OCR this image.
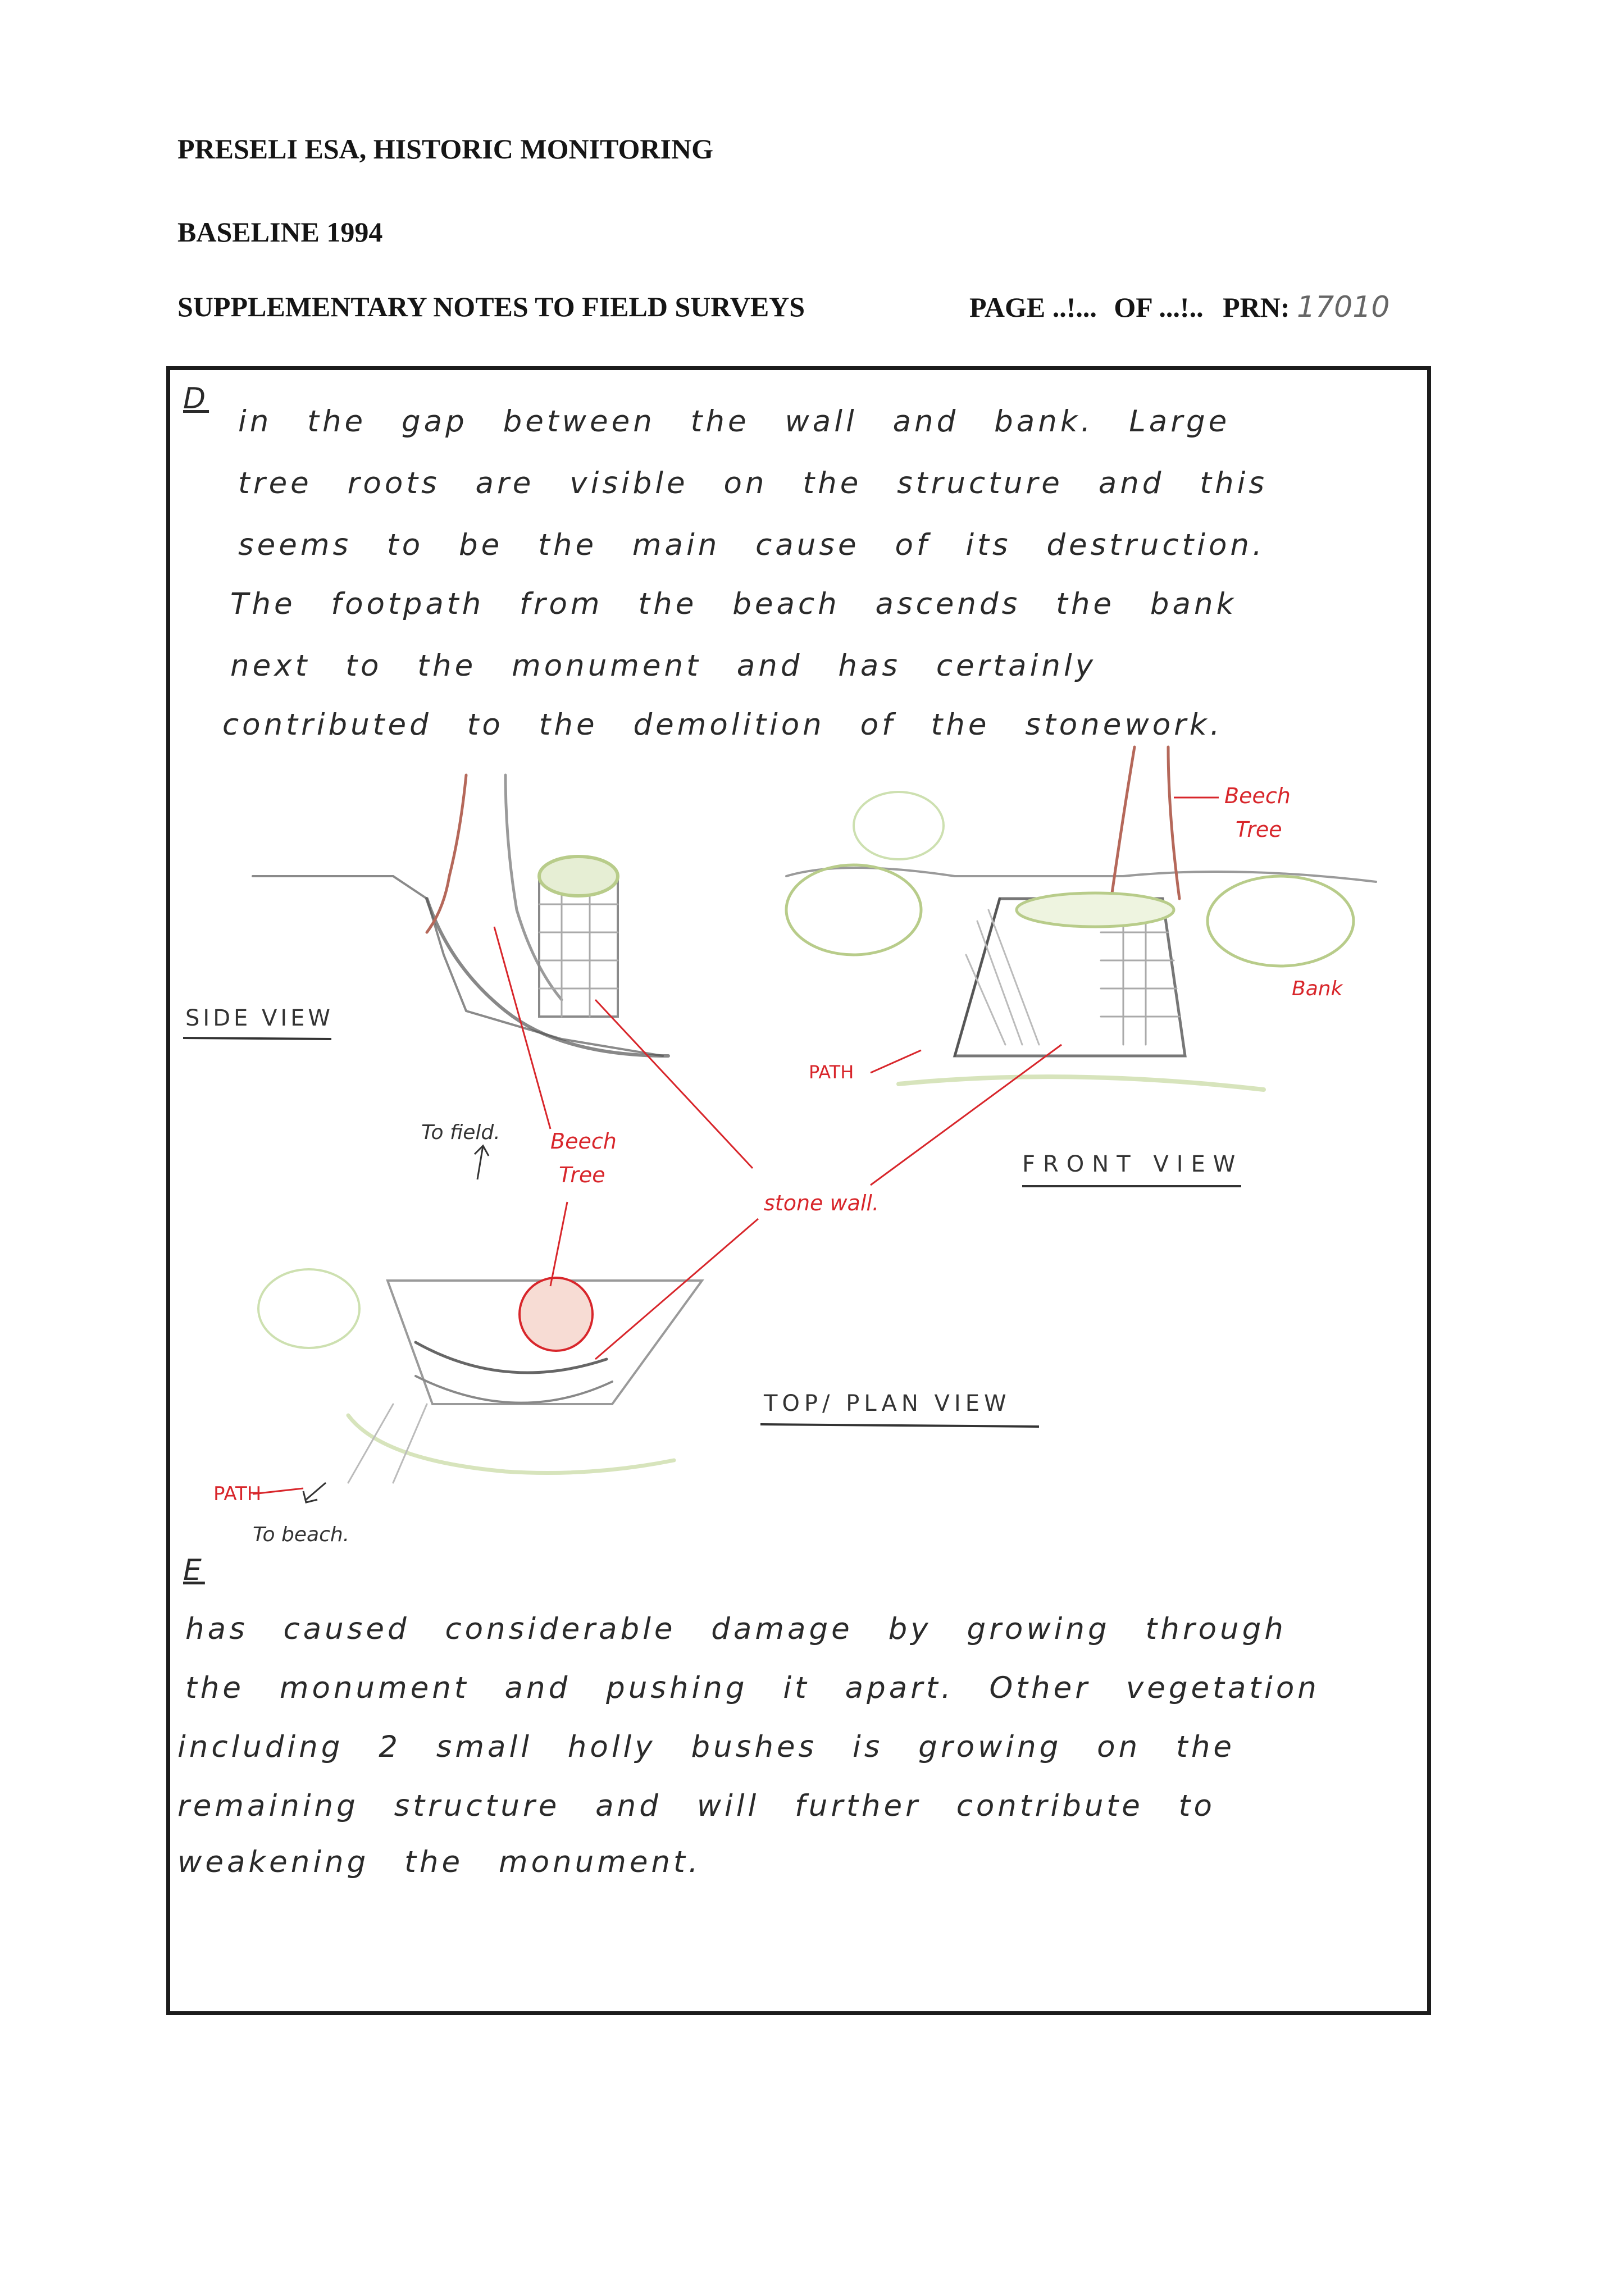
PRESELI ESA, HISTORIC MONITORING
BASELINE 1994
SUPPLEMENTARY NOTES TO FIELD SURVEYS	PAGE ..!... OF ...!.. PRN: 17010
D
in the gap between the wall and bank. Large
tree roots are visible on the structure and this
seems to be the main cause of its destruction.
The footpath from the beach ascends the bank
next to the monument and has certainly
contributed to the demolition of the stonework.
SIDE VIEW
FRONT VIEW
TOP/ PLAN VIEW
Beech
Tree
Beech
Tree
Bank
PATH
PATH
stone wall.
To field.
To beach.
E
has caused considerable damage by growing through
the monument and pushing it apart. Other vegetation
including 2 small holly bushes is growing on the
remaining structure and will further contribute to
weakening the monument.
